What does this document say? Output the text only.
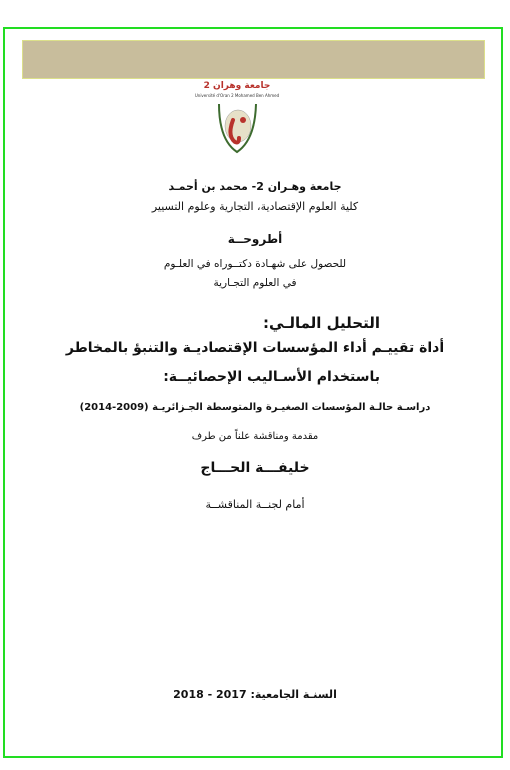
جامعة وهران 2
Université d'Oran 2 Mohamed Ben Ahmed
جامعة وهـران 2- محمد بن أحمـد
كلية العلوم الإقتصادية، التجارية وعلوم التسيير
أطروحــة
للحصول على شهـادة دكتــوراه في العلـوم
في العلوم التجـارية
التحليل المالـي:
أداة تقييـم أداء المؤسسات الإقتصاديـة والتنبؤ بالمخاطر
باستخدام الأسـاليب الإحصائيــة:
دراسـة حالـة المؤسسات الصغيـرة والمتوسطة الجـزائريـة (2009-2014)
مقدمة ومناقشة علناً من طرف
خليفـــة الحـــاج
أمام لجنــة المناقشــة
السنـة الجامعية: 2017 - 2018
